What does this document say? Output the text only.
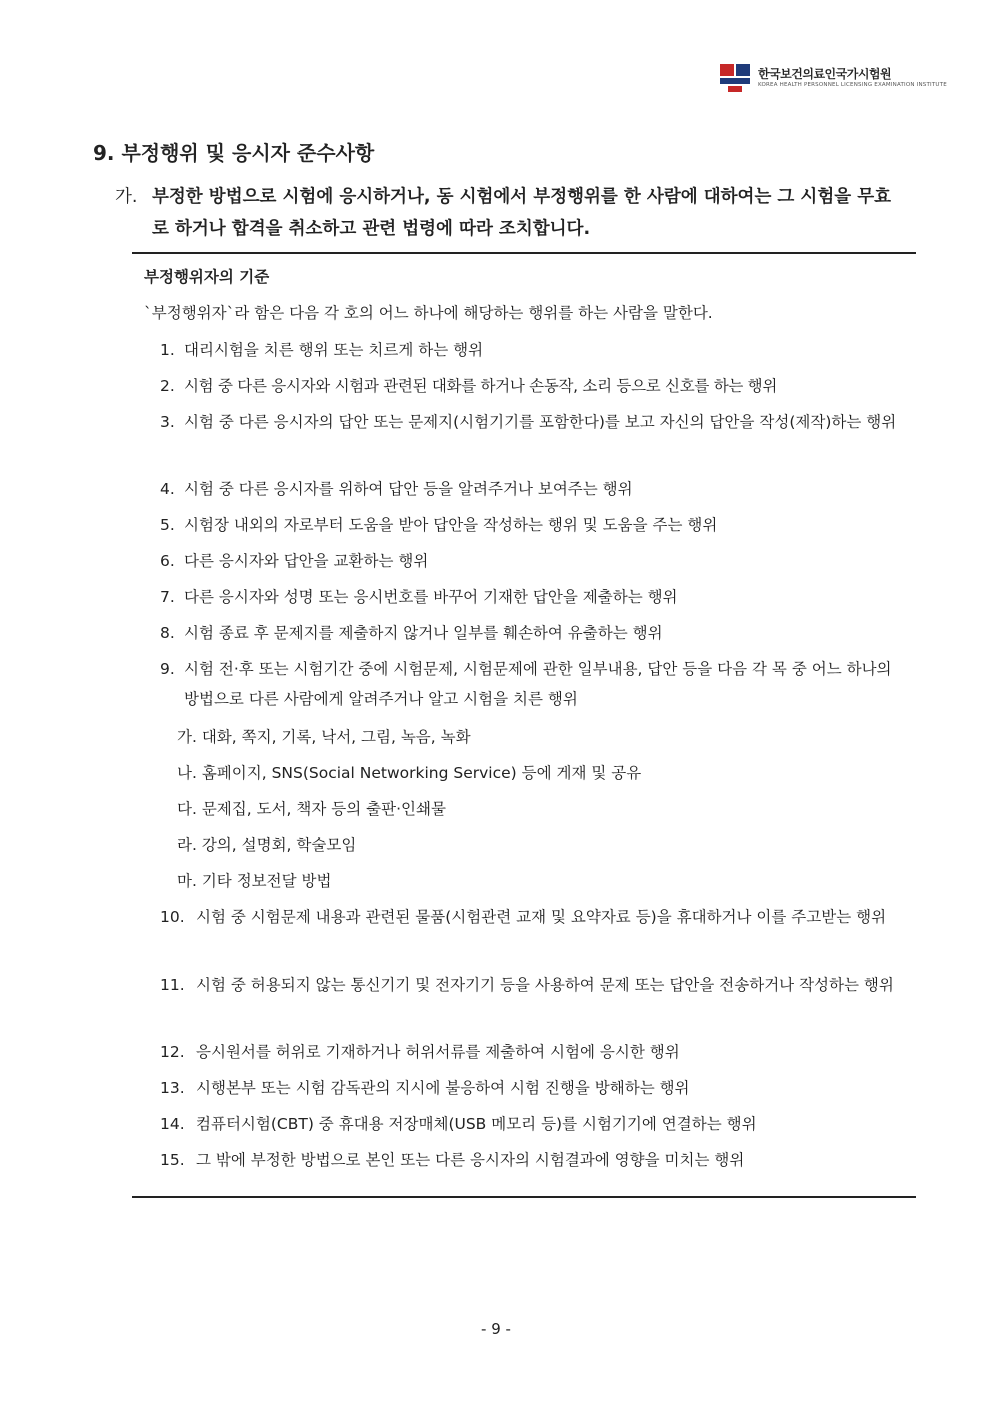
한국보건의료인국가시험원
KOREA HEALTH PERSONNEL LICENSING EXAMINATION INSTITUTE
9. 부정행위 및 응시자 준수사항
가. 부정한 방법으로 시험에 응시하거나, 동 시험에서 부정행위를 한 사람에 대하여는 그 시험을 무효로 하거나 합격을 취소하고 관련 법령에 따라 조치합니다.
부정행위자의 기준
`부정행위자`라 함은 다음 각 호의 어느 하나에 해당하는 행위를 하는 사람을 말한다.
1. 대리시험을 치른 행위 또는 치르게 하는 행위
2. 시험 중 다른 응시자와 시험과 관련된 대화를 하거나 손동작, 소리 등으로 신호를 하는 행위
3. 시험 중 다른 응시자의 답안 또는 문제지(시험기기를 포함한다)를 보고 자신의 답안을 작성(제작)하는 행위
4. 시험 중 다른 응시자를 위하여 답안 등을 알려주거나 보여주는 행위
5. 시험장 내외의 자로부터 도움을 받아 답안을 작성하는 행위 및 도움을 주는 행위
6. 다른 응시자와 답안을 교환하는 행위
7. 다른 응시자와 성명 또는 응시번호를 바꾸어 기재한 답안을 제출하는 행위
8. 시험 종료 후 문제지를 제출하지 않거나 일부를 훼손하여 유출하는 행위
9. 시험 전·후 또는 시험기간 중에 시험문제, 시험문제에 관한 일부내용, 답안 등을 다음 각 목 중 어느 하나의 방법으로 다른 사람에게 알려주거나 알고 시험을 치른 행위
가. 대화, 쪽지, 기록, 낙서, 그림, 녹음, 녹화
나. 홈페이지, SNS(Social Networking Service) 등에 게재 및 공유
다. 문제집, 도서, 책자 등의 출판·인쇄물
라. 강의, 설명회, 학술모임
마. 기타 정보전달 방법
10. 시험 중 시험문제 내용과 관련된 물품(시험관련 교재 및 요약자료 등)을 휴대하거나 이를 주고받는 행위
11. 시험 중 허용되지 않는 통신기기 및 전자기기 등을 사용하여 문제 또는 답안을 전송하거나 작성하는 행위
12. 응시원서를 허위로 기재하거나 허위서류를 제출하여 시험에 응시한 행위
13. 시행본부 또는 시험 감독관의 지시에 불응하여 시험 진행을 방해하는 행위
14. 컴퓨터시험(CBT) 중 휴대용 저장매체(USB 메모리 등)를 시험기기에 연결하는 행위
15. 그 밖에 부정한 방법으로 본인 또는 다른 응시자의 시험결과에 영향을 미치는 행위
- 9 -
